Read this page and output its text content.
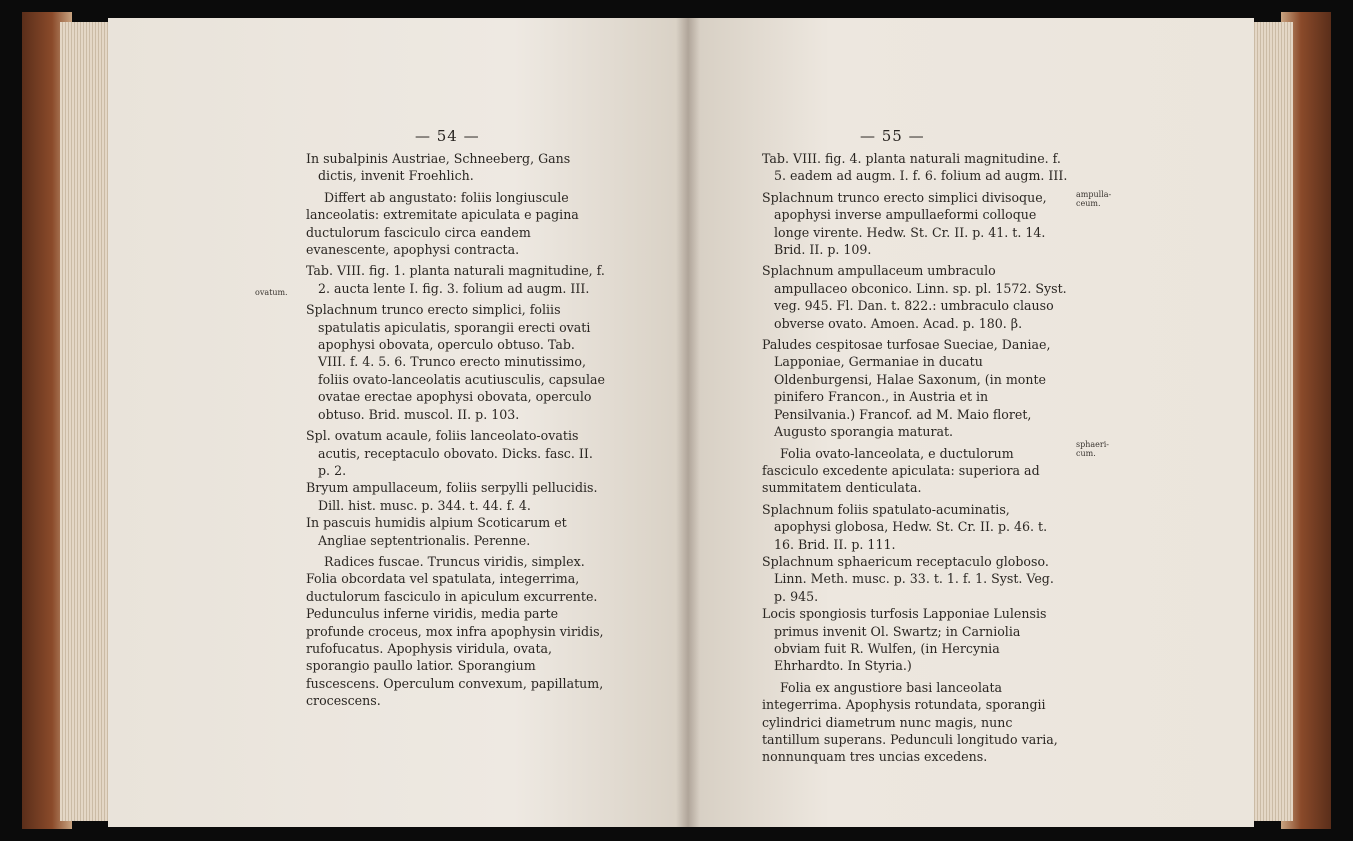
— 54 —
ovatum.

In subalpinis Austriae, Schneeberg, Gans dictis, invenit Froehlich.

Differt ab angustato: foliis longiuscule lanceolatis: extremitate apiculata e pagina ductulorum fasciculo circa eandem evanescente, apophysi contracta.

Tab. VIII. fig. 1. planta naturali magnitudine, f. 2. aucta lente I. fig. 3. folium ad augm. III.

Splachnum trunco erecto simplici, foliis spatulatis apiculatis, sporangii erecti ovati apophysi obovata, operculo obtuso. Tab. VIII. f. 4. 5. 6. Trunco erecto minutissimo, foliis ovato-lanceolatis acutiusculis, capsulae ovatae erectae apophysi obovata, operculo obtuso. Brid. muscol. II. p. 103.

Spl. ovatum acaule, foliis lanceolato-ovatis acutis, receptaculo obovato. Dicks. fasc. II. p. 2.

Bryum ampullaceum, foliis serpylli pellucidis. Dill. hist. musc. p. 344. t. 44. f. 4.

In pascuis humidis alpium Scoticarum et Angliae septentrionalis. Perenne.

Radices fuscae. Truncus viridis, simplex. Folia obcordata vel spatulata, integerrima, ductulorum fasciculo in apiculum excurrente. Pedunculus inferne viridis, media parte profunde croceus, mox infra apophysin viridis, rufofucatus. Apophysis viridula, ovata, sporangio paullo latior. Sporangium fuscescens. Operculum convexum, papillatum, crocescens.

— 55 —
ampulla- ceum.
sphaeri- cum.

Tab. VIII. fig. 4. planta naturali magnitudine. f. 5. eadem ad augm. I. f. 6. folium ad augm. III.

Splachnum trunco erecto simplici divisoque, apophysi inverse ampullaeformi colloque longe virente. Hedw. St. Cr. II. p. 41. t. 14. Brid. II. p. 109.

Splachnum ampullaceum umbraculo ampullaceo obconico. Linn. sp. pl. 1572. Syst. veg. 945. Fl. Dan. t. 822.: umbraculo clauso obverse ovato. Amoen. Acad. p. 180. β.

Paludes cespitosae turfosae Sueciae, Daniae, Lapponiae, Germaniae in ducatu Oldenburgensi, Halae Saxonum, (in monte pinifero Francon., in Austria et in Pensilvania.) Francof. ad M. Maio floret, Augusto sporangia maturat.

Folia ovato-lanceolata, e ductulorum fasciculo excedente apiculata: superiora ad summitatem denticulata.

Splachnum foliis spatulato-acuminatis, apophysi globosa, Hedw. St. Cr. II. p. 46. t. 16. Brid. II. p. 111.

Splachnum sphaericum receptaculo globoso. Linn. Meth. musc. p. 33. t. 1. f. 1. Syst. Veg. p. 945.

Locis spongiosis turfosis Lapponiae Lulensis primus invenit Ol. Swartz; in Carniolia obviam fuit R. Wulfen, (in Hercynia Ehrhardto. In Styria.)

Folia ex angustiore basi lanceolata integerrima. Apophysis rotundata, sporangii cylindrici diametrum nunc magis, nunc tantillum superans. Pedunculi longitudo varia, nonnunquam tres uncias excedens.
